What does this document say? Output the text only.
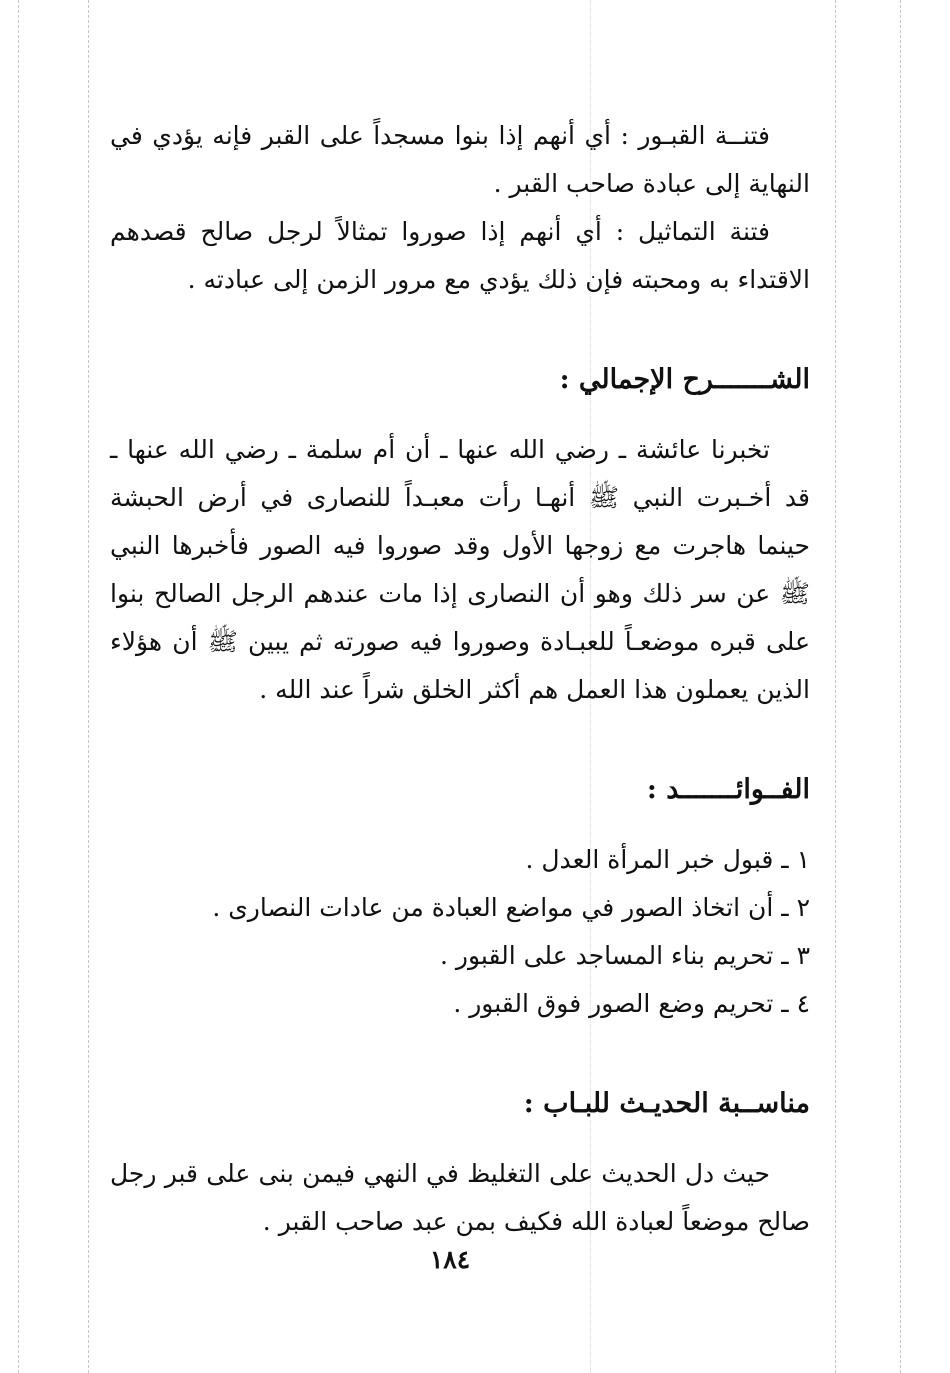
فتنــة القبـور : أي أنهم إذا بنوا مسجداً على القبر فإنه يؤدي في النهاية إلى عبادة صاحب القبر .

فتنة التماثيل : أي أنهم إذا صوروا تمثالاً لرجل صالح قصدهم الاقتداء به ومحبته فإن ذلك يؤدي مع مرور الزمن إلى عبادته .

الشـــــــرح الإجمالي :

تخبرنا عائشة ـ رضي الله عنها ـ أن أم سلمة ـ رضي الله عنها ـ قد أخـبرت النبي ﷺ أنهـا رأت معبـداً للنصارى في أرض الحبشة حينما هاجرت مع زوجها الأول وقد صوروا فيه الصور فأخبرها النبي ﷺ عن سر ذلك وهو أن النصارى إذا مات عندهم الرجل الصالح بنوا على قبره موضعـاً للعبـادة وصوروا فيه صورته ثم يبين ﷺ أن هؤلاء الذين يعملون هذا العمل هم أكثر الخلق شراً عند الله .

الفــوائـــــــد :
١ ـ قبول خبر المرأة العدل .
٢ ـ أن اتخاذ الصور في مواضع العبادة من عادات النصارى .
٣ ـ تحريم بناء المساجد على القبور .
٤ ـ تحريم وضع الصور فوق القبور .
مناســبة الحديـث للبـاب :

حيث دل الحديث على التغليظ في النهي فيمن بنى على قبر رجل صالح موضعاً لعبادة الله فكيف بمن عبد صاحب القبر .

١٨٤
